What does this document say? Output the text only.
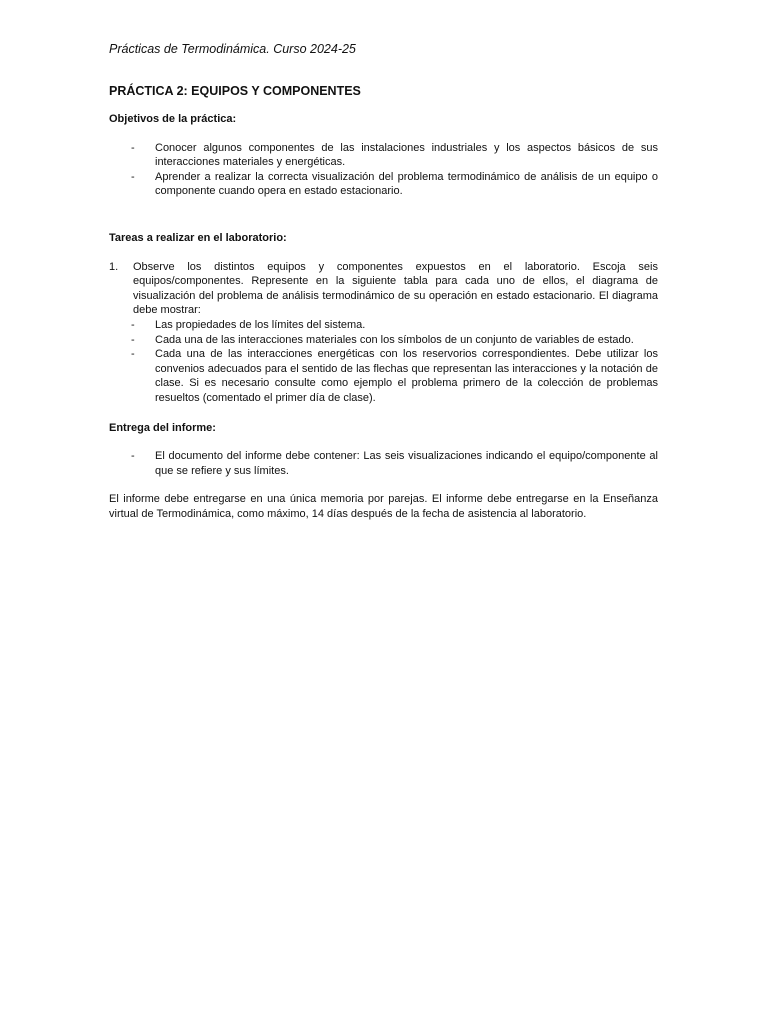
Prácticas de Termodinámica. Curso 2024-25
PRÁCTICA 2: EQUIPOS Y COMPONENTES
Objetivos de la práctica:
- Conocer algunos componentes de las instalaciones industriales y los aspectos básicos de sus interacciones materiales y energéticas.
- Aprender a realizar la correcta visualización del problema termodinámico de análisis de un equipo o componente cuando opera en estado estacionario.
Tareas a realizar en el laboratorio:
1. Observe los distintos equipos y componentes expuestos en el laboratorio. Escoja seis equipos/componentes. Represente en la siguiente tabla para cada uno de ellos, el diagrama de visualización del problema de análisis termodinámico de su operación en estado estacionario. El diagrama debe mostrar:
- Las propiedades de los límites del sistema.
- Cada una de las interacciones materiales con los símbolos de un conjunto de variables de estado.
- Cada una de las interacciones energéticas con los reservorios correspondientes. Debe utilizar los convenios adecuados para el sentido de las flechas que representan las interacciones y la notación de clase. Si es necesario consulte como ejemplo el problema primero de la colección de problemas resueltos (comentado el primer día de clase).
Entrega del informe:
- El documento del informe debe contener: Las seis visualizaciones indicando el equipo/componente al que se refiere y sus límites.
El informe debe entregarse en una única memoria por parejas. El informe debe entregarse en la Enseñanza virtual de Termodinámica, como máximo, 14 días después de la fecha de asistencia al laboratorio.
